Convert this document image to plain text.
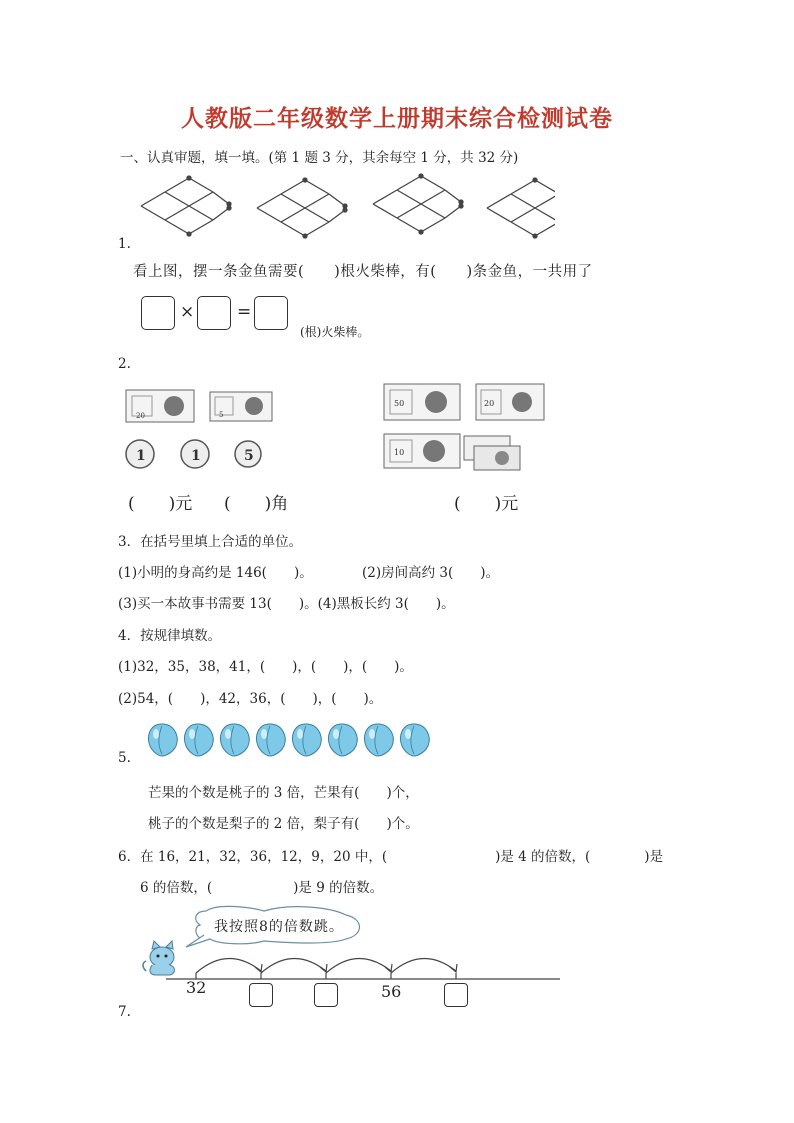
人教版二年级数学上册期末综合检测试卷
一、认真审题，填一填。(第 1 题 3 分，其余每空 1 分，共 32 分)
1.
看上图，摆一条金鱼需要(　　)根火柴棒，有(　　)条金鱼，一共用了
×	=
(根)火柴棒。
2.
20	5
1	1	5
50	20
10
(　　)元 (　　)角	(　　)元
3．在括号里填上合适的单位。
(1)小明的身高约是 146(　　)。	(2)房间高约 3(　　)。
(3)买一本故事书需要 13(　　)。(4)黑板长约 3(　　)。
4．按规律填数。
(1)32，35，38，41，(　　)，(　　)，(　　)。
(2)54，(　　)，42，36，(　　)，(　　)。
5.
芒果的个数是桃子的 3 倍，芒果有(　　)个，
桃子的个数是梨子的 2 倍，梨子有(　　)个。
6．在 16，21，32，36，12，9，20 中，(　　　　　　　　)是 4 的倍数，(　　　　)是
6 的倍数，(　　　　　　)是 9 的倍数。
我按照8的倍数跳。
32	56
7.
